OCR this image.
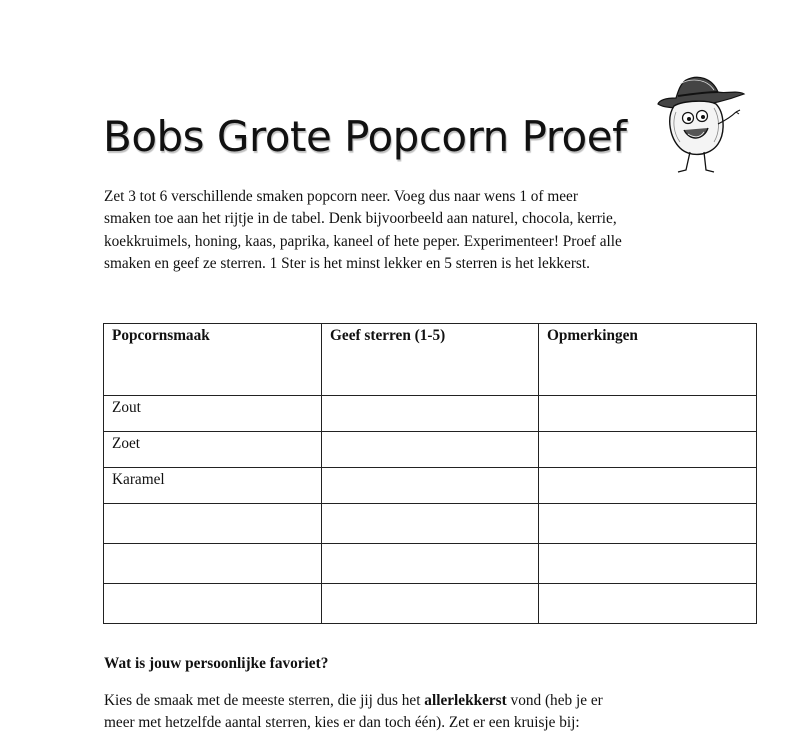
Bobs Grote Popcorn Proef

Zet 3 tot 6 verschillende smaken popcorn neer. Voeg dus naar wens 1 of meer
smaken toe aan het rijtje in de tabel. Denk bijvoorbeeld aan naturel, chocola, kerrie,
koekkruimels, honing, kaas, paprika, kaneel of hete peper. Experimenteer! Proef alle
smaken en geef ze sterren. 1 Ster is het minst lekker en 5 sterren is het lekkerst.

Popcornsmaak	Geef sterren (1-5)	Opmerkingen
Zout		
Zoet		
Karamel		

Wat is jouw persoonlijke favoriet?

Kies de smaak met de meeste sterren, die jij dus het allerlekkerst vond (heb je er
meer met hetzelfde aantal sterren, kies er dan toch één). Zet er een kruisje bij:
